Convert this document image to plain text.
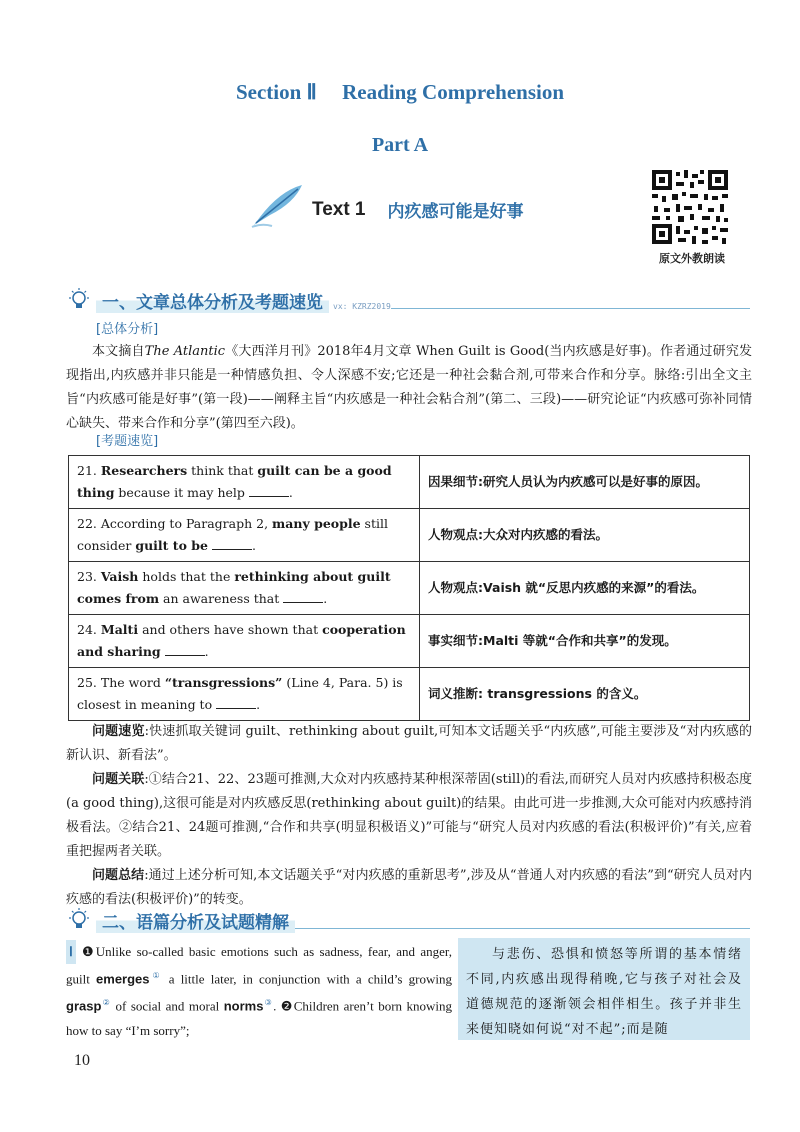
Section Ⅱ Reading Comprehension
Part A
Text 1 内疚感可能是好事
原文外教朗读
一、文章总体分析及考题速览	vx: KZRZ2019
[总体分析]

本文摘自The Atlantic《大西洋月刊》2018年4月文章 When Guilt is Good(当内疚感是好事)。作者通过研究发现指出,内疚感并非只能是一种情感负担、令人深感不安;它还是一种社会黏合剂,可带来合作和分享。脉络:引出全文主旨“内疚感可能是好事”(第一段)——阐释主旨“内疚感是一种社会粘合剂”(第二、三段)——研究论证“内疚感可弥补同情心缺失、带来合作和分享”(第四至六段)。

[考题速览]
21. Researchers think that guilt can be a good thing because it may help .	因果细节:研究人员认为内疚感可以是好事的原因。
22. According to Paragraph 2, many people still consider guilt to be .	人物观点:大众对内疚感的看法。
23. Vaish holds that the rethinking about guilt comes from an awareness that .	人物观点:Vaish 就“反思内疚感的来源”的看法。
24. Malti and others have shown that cooperation and sharing .	事实细节:Malti 等就“合作和共享”的发现。
25. The word “transgressions” (Line 4, Para. 5) is closest in meaning to .	词义推断: transgressions 的含义。

问题速览:快速抓取关键词 guilt、rethinking about guilt,可知本文话题关乎“内疚感”,可能主要涉及“对内疚感的新认识、新看法”。

问题关联:①结合21、22、23题可推测,大众对内疚感持某种根深蒂固(still)的看法,而研究人员对内疚感持积极态度(a good thing),这很可能是对内疚感反思(rethinking about guilt)的结果。由此可进一步推测,大众可能对内疚感持消极看法。②结合21、24题可推测,“合作和共享(明显积极语义)”可能与“研究人员对内疚感的看法(积极评价)”有关,应着重把握两者关联。

问题总结:通过上述分析可知,本文话题关乎“对内疚感的重新思考”,涉及从“普通人对内疚感的看法”到“研究人员对内疚感的看法(积极评价)”的转变。

二、语篇分析及试题精解
Ⅰ ❶Unlike so-called basic emotions such as sadness, fear, and anger, guilt emerges① a little later, in conjunction with a child’s growing grasp② of social and moral norms③. ❷Children aren’t born knowing how to say “I’m sorry”;

与悲伤、恐惧和愤怒等所谓的基本情绪不同,内疚感出现得稍晚,它与孩子对社会及道德规范的逐渐领会相伴相生。孩子并非生来便知晓如何说“对不起”;而是随

10
